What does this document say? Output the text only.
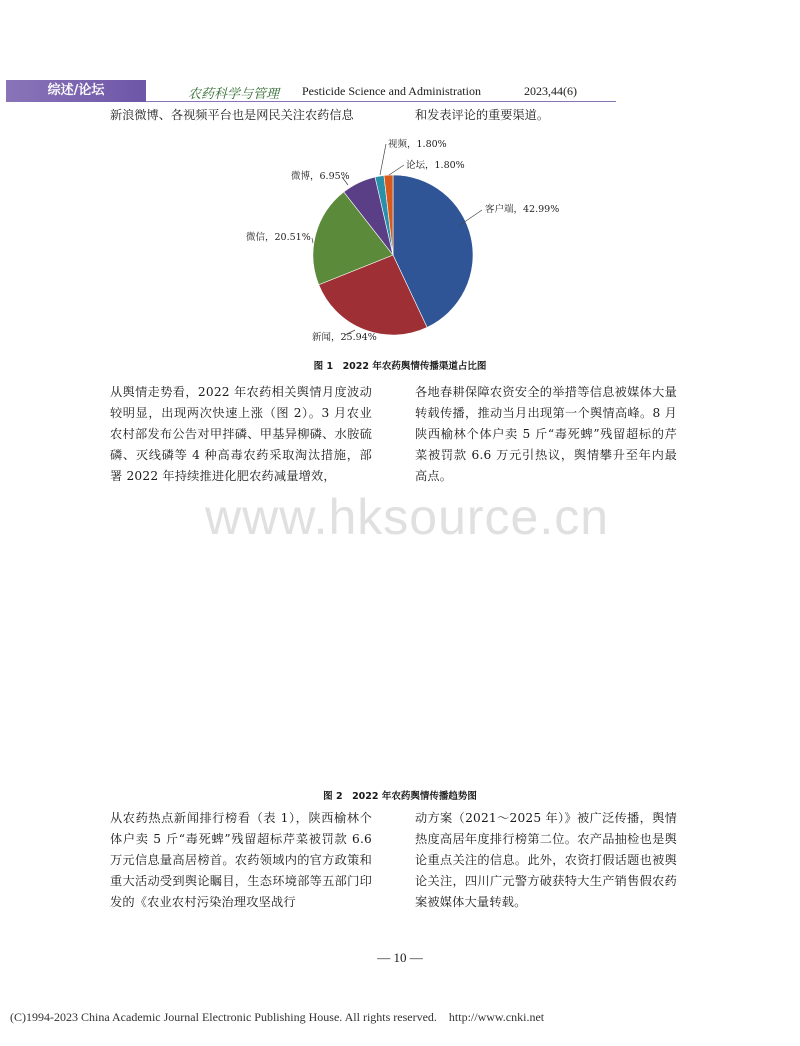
综述/论坛	农药科学与管理 Pesticide Science and Administration	2023,44(6)
新浪微博、各视频平台也是网民关注农药信息	和发表评论的重要渠道。
客户端，42.99%
新闻，25.94%
微信，20.51%
微博，6.95%
视频，1.80%
论坛，1.80%
图 1　2022 年农药舆情传播渠道占比图
从舆情走势看，2022 年农药相关舆情月度波动较明显，出现两次快速上涨（图 2）。3 月农业农村部发布公告对甲拌磷、甲基异柳磷、水胺硫磷、灭线磷等 4 种高毒农药采取淘汰措施，部署 2022 年持续推进化肥农药减量增效，
各地春耕保障农资安全的举措等信息被媒体大量转载传播，推动当月出现第一个舆情高峰。8 月陕西榆林个体户卖 5 斤“毒死蜱”残留超标的芹菜被罚款 6.6 万元引热议，舆情攀升至年内最高点。
www.hksource.cn
图 2　2022 年农药舆情传播趋势图
从农药热点新闻排行榜看（表 1），陕西榆林个体户卖 5 斤“毒死蜱”残留超标芹菜被罚款 6.6 万元信息量高居榜首。农药领域内的官方政策和重大活动受到舆论瞩目，生态环境部等五部门印发的《农业农村污染治理攻坚战行
动方案（2021～2025 年）》被广泛传播，舆情热度高居年度排行榜第二位。农产品抽检也是舆论重点关注的信息。此外，农资打假话题也被舆论关注，四川广元警方破获特大生产销售假农药案被媒体大量转载。
— 10 —
(C)1994-2023 China Academic Journal Electronic Publishing House. All rights reserved.　http://www.cnki.net
